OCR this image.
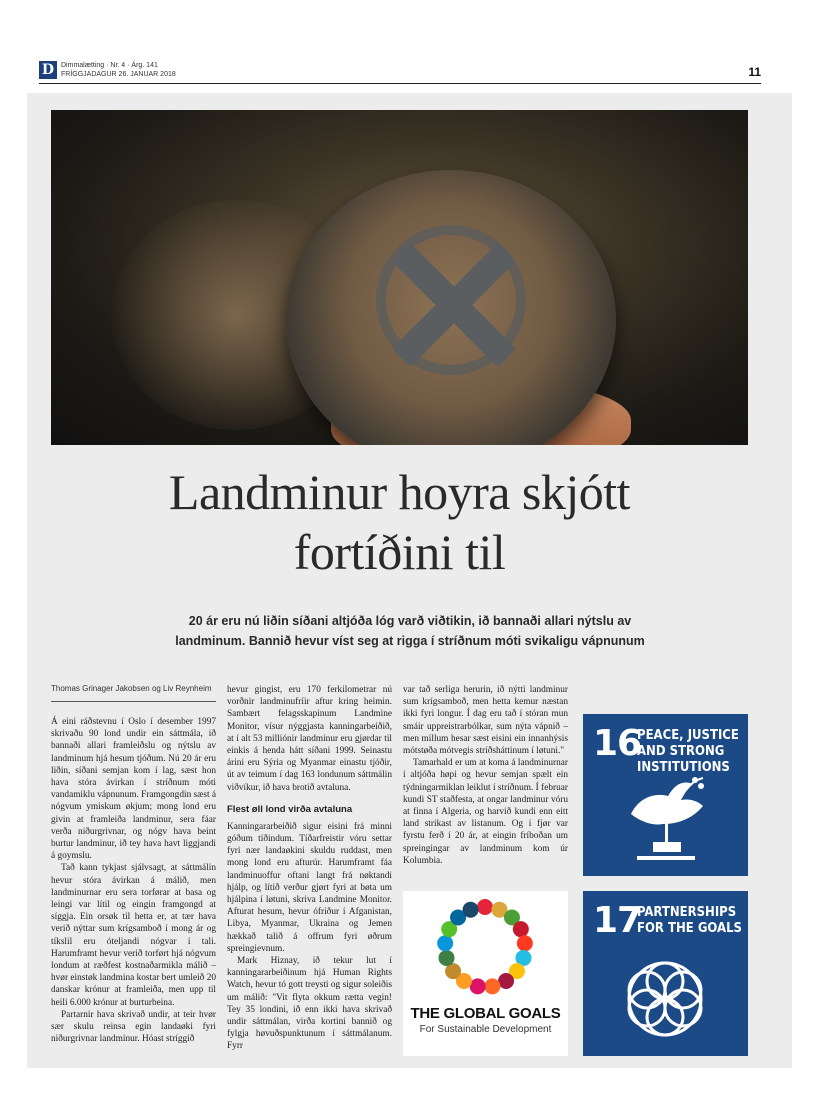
D Dimmalætting · Nr. 4 · Árg. 141
FRÍGGJADAGUR 26. JANUAR 2018	11
Landminur hoyra skjótt
fortíðini til
20 ár eru nú liðin síðani altjóða lóg varð viðtikin, ið bannaði allari nýtslu av
landminum. Bannið hevur víst seg at rigga í stríðnum móti svikaligu vápnunum
Thomas Grinager Jakobsen og Liv Reynheim

Á eini ráðstevnu í Oslo í desember 1997 skrivaðu 90 lond undir ein sáttmála, ið bannaði allari framleiðslu og nýtslu av landminum hjá hesum tjóðum. Nú 20 ár eru liðin, síðani semjan kom í lag, sæst hon hava stóra ávirkan í stríðnum móti vandamiklu vápnunum. Framgongdin sæst á nógvum ymiskum økjum; mong lond eru givin at framleiða landminur, sera fáar verða niðurgrivnar, og nógv hava beint burtur landminur, ið tey hava havt liggjandi á goymslu.

Tað kann tykjast sjálvsagt, at sáttmálin hevur stóra ávirkan á málið, men landminurnar eru sera torførar at basa og leingi var lítil og eingin framgongd at síggja. Ein orsøk til hetta er, at tær hava verið nýttar sum krígsamboð í mong ár og tíkslil eru óteljandi nógvar í tali. Harumframt hevur verið torført hjá nógvum londum at ræðfest kostnaðarmikla málið – hvør einstøk landmina kostar bert umleið 20 danskar krónur at framleiða, men upp til heili 6.000 krónur at burturbeina.

Partarnir hava skrivað undir, at teir hvør sær skulu reinsa egin landaøki fyri niðurgrivnar landminur. Hóast stríggið

hevur gingist, eru 170 ferkilometrar nú vorðnir landminufríir aftur kring heimin. Sambært felagsskapinum Landmine Monitor, vísur nýggjasta kanningarbeiðið, at í alt 53 milliónir landminur eru gjørdar til einkis á henda hátt síðani 1999. Seinastu árini eru Sýria og Myanmar einastu tjóðir, út av teimum í dag 163 londunum sáttmálin viðvíkur, ið hava brotið avtaluna.

Flest øll lond virða avtaluna

Kanningararbeiðið sigur eisini frá minni góðum tíðindum. Tíðarfreistir vóru settar fyri nær landaøkini skuldu ruddast, men mong lond eru afturúr. Harumframt fáa landminuoffur oftani langt frá nøktandi hjálp, og lítið verður gjørt fyri at bøta um hjálpina í løtuni, skriva Landmine Monitor. Afturat hesum, hevur ófriður í Afganistan, Libya, Myanmar, Ukraina og Jemen hækkað talið á offrum fyri øðrum spreingievnum.

Mark Hiznay, ið tekur lut í kanningararbeiðinum hjá Human Rights Watch, hevur tó gott treysti og sigur soleiðis um málið: "Vit flyta okkum rætta vegin! Tey 35 londini, ið enn ikki hava skrivað undir sáttmálan, virða kortini bannið og fylgja høvuðspunktunum í sáttmálanum. Fyrr

var tað serliga herurin, ið nýtti landminur sum krígsamboð, men hetta kemur næstan ikki fyri longur. Í dag eru tað í stóran mun smáir uppreistrarbólkar, sum nýta vápnið – men millum hesar sæst eisini ein innanhýsis mótstøða mótvegis stríðsháttinum í løtuni."

Tamarhald er um at koma á landminurnar í altjóða høpi og hevur semjan spælt ein týdningarmiklan leiklut í stríðnum. Í februar kundi ST staðfesta, at ongar landminur vóru at finna í Algeria, og harvið kundi enn eitt land strikast av listanum. Og í fjør var fyrstu ferð í 20 ár, at eingin fríboðan um spreingingar av landminum kom úr Kolumbia.

16
PEACE, JUSTICE AND STRONG INSTITUTIONS
17
PARTNERSHIPS FOR THE GOALS
THE GLOBAL GOALS
For Sustainable Development
